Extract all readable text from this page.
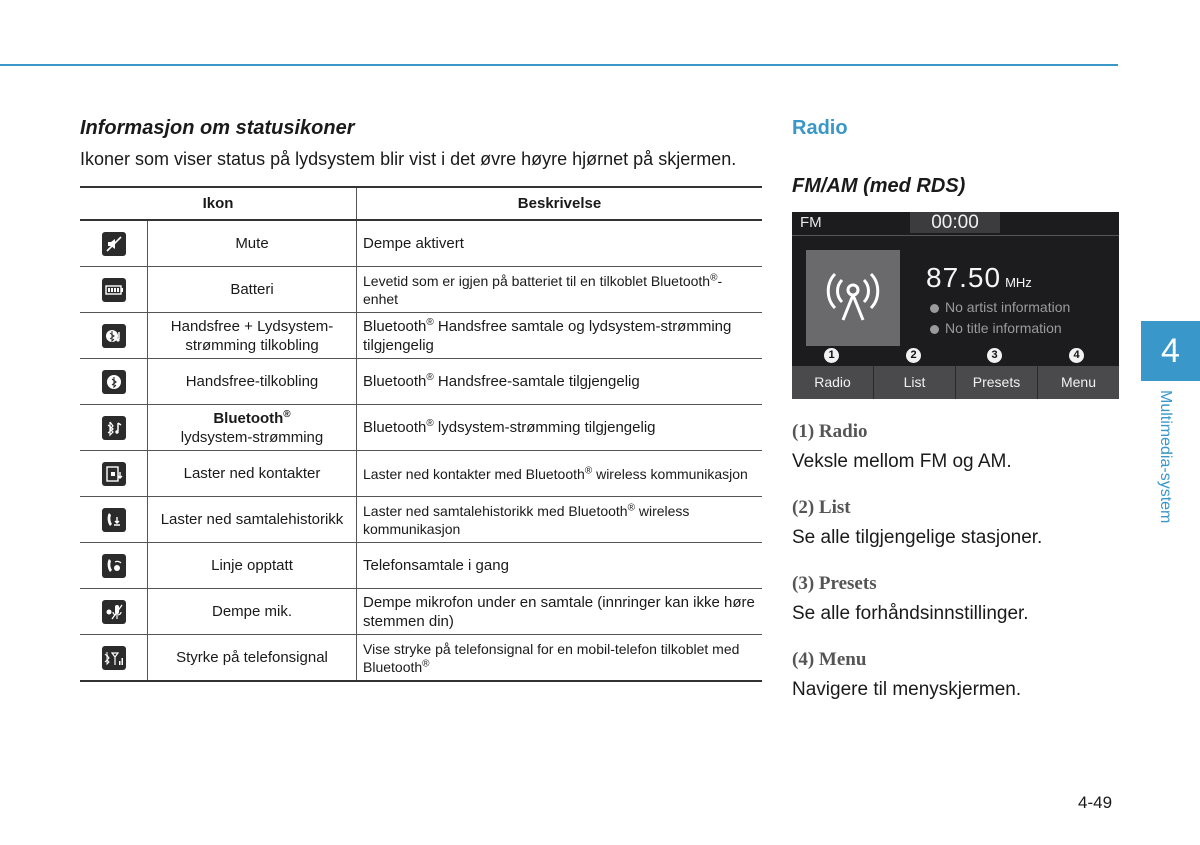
Informasjon om statusikoner

Ikoner som viser status på lydsystem blir vist i det øvre høyre hjørnet på skjermen.

Ikon		Beskrivelse

	Mute	Dempe aktivert

	Batteri	Levetid som er igjen på batteriet til en tilkoblet Bluetooth®-enhet

	Handsfree + Lydsystem-strømming tilkobling	Bluetooth® Handsfree samtale og lydsystem-strømming tilgjengelig

	Handsfree-tilkobling	Bluetooth® Handsfree-samtale tilgjengelig

	Bluetooth®
lydsystem-strømming	Bluetooth® lydsystem-strømming tilgjengelig

	Laster ned kontakter	Laster ned kontakter med Bluetooth® wireless kommunikasjon

	Laster ned samtalehistorikk	Laster ned samtalehistorikk med Bluetooth® wireless kommunikasjon

	Linje opptatt	Telefonsamtale i gang

	Dempe mik.	Dempe mikrofon under en samtale (innringer kan ikke høre stemmen din)

	Styrke på telefonsignal	Vise stryke på telefonsignal for en mobil-telefon tilkoblet med Bluetooth®
Radio
FM/AM (med RDS)
FM	00:00
87.50 MHz
No artist information
No title information
1	2	3	4
Radio	List	Presets	Menu

(1) Radio

Veksle mellom FM og AM.

(2) List

Se alle tilgjengelige stasjoner.

(3) Presets

Se alle forhåndsinnstillinger.

(4) Menu

Navigere til menyskjermen.

4
Multimedia-system
4-49
